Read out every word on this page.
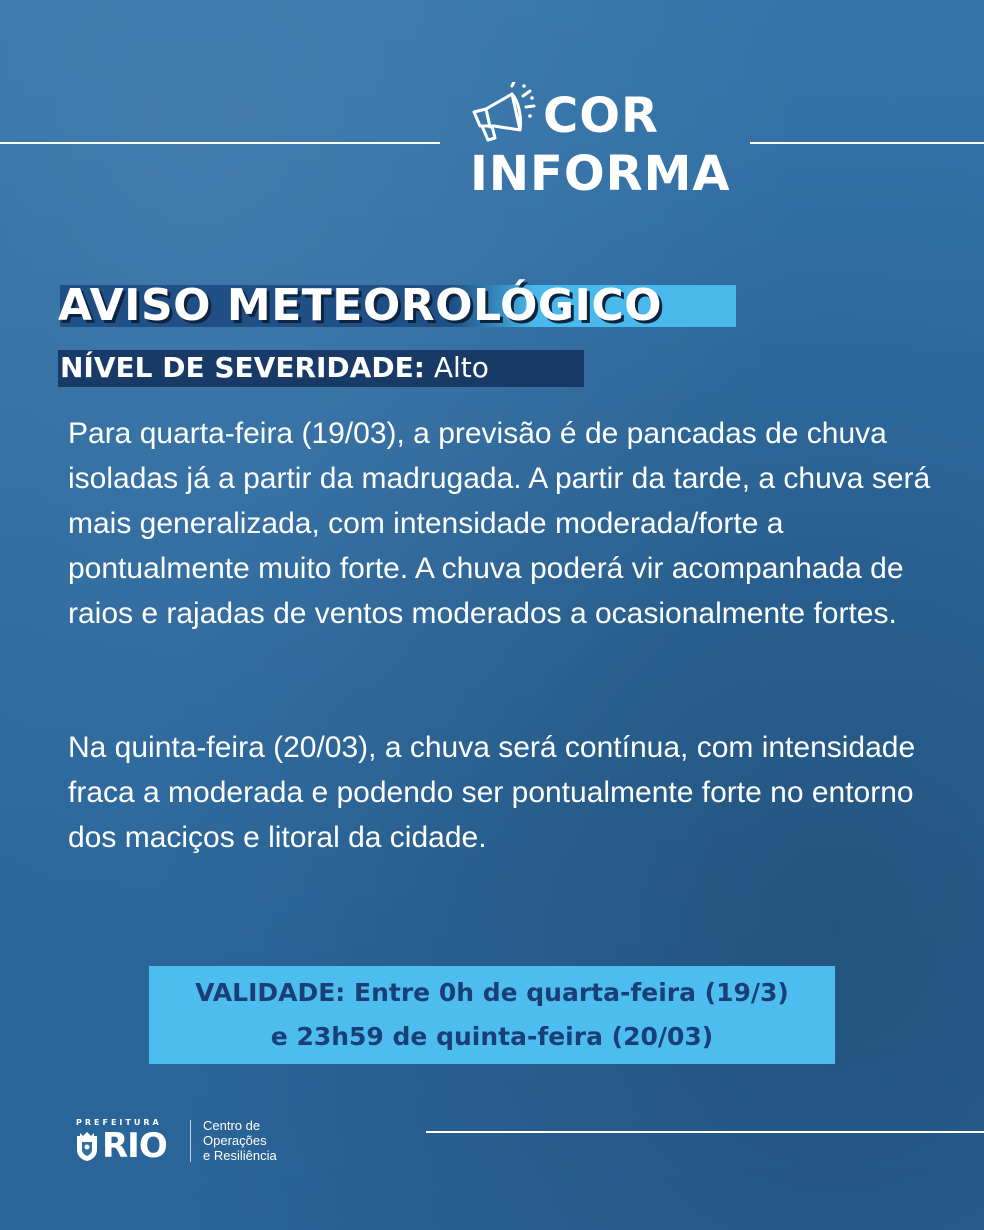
COR
INFORMA
AVISO METEOROLÓGICO
NÍVEL DE SEVERIDADE: Alto

Para quarta-feira (19/03), a previsão é de pancadas de chuva isoladas já a partir da madrugada. A partir da tarde, a chuva será mais generalizada, com intensidade moderada/forte a pontualmente muito forte. A chuva poderá vir acompanhada de raios e rajadas de ventos moderados a ocasionalmente fortes.

Na quinta-feira (20/03), a chuva será contínua, com intensidade fraca a moderada e podendo ser pontualmente forte no entorno dos maciços e litoral da cidade.

VALIDADE: Entre 0h de quarta-feira (19/3)
e 23h59 de quinta-feira (20/03)
PREFEITURA
RIO
Centro de
Operações
e Resiliência
